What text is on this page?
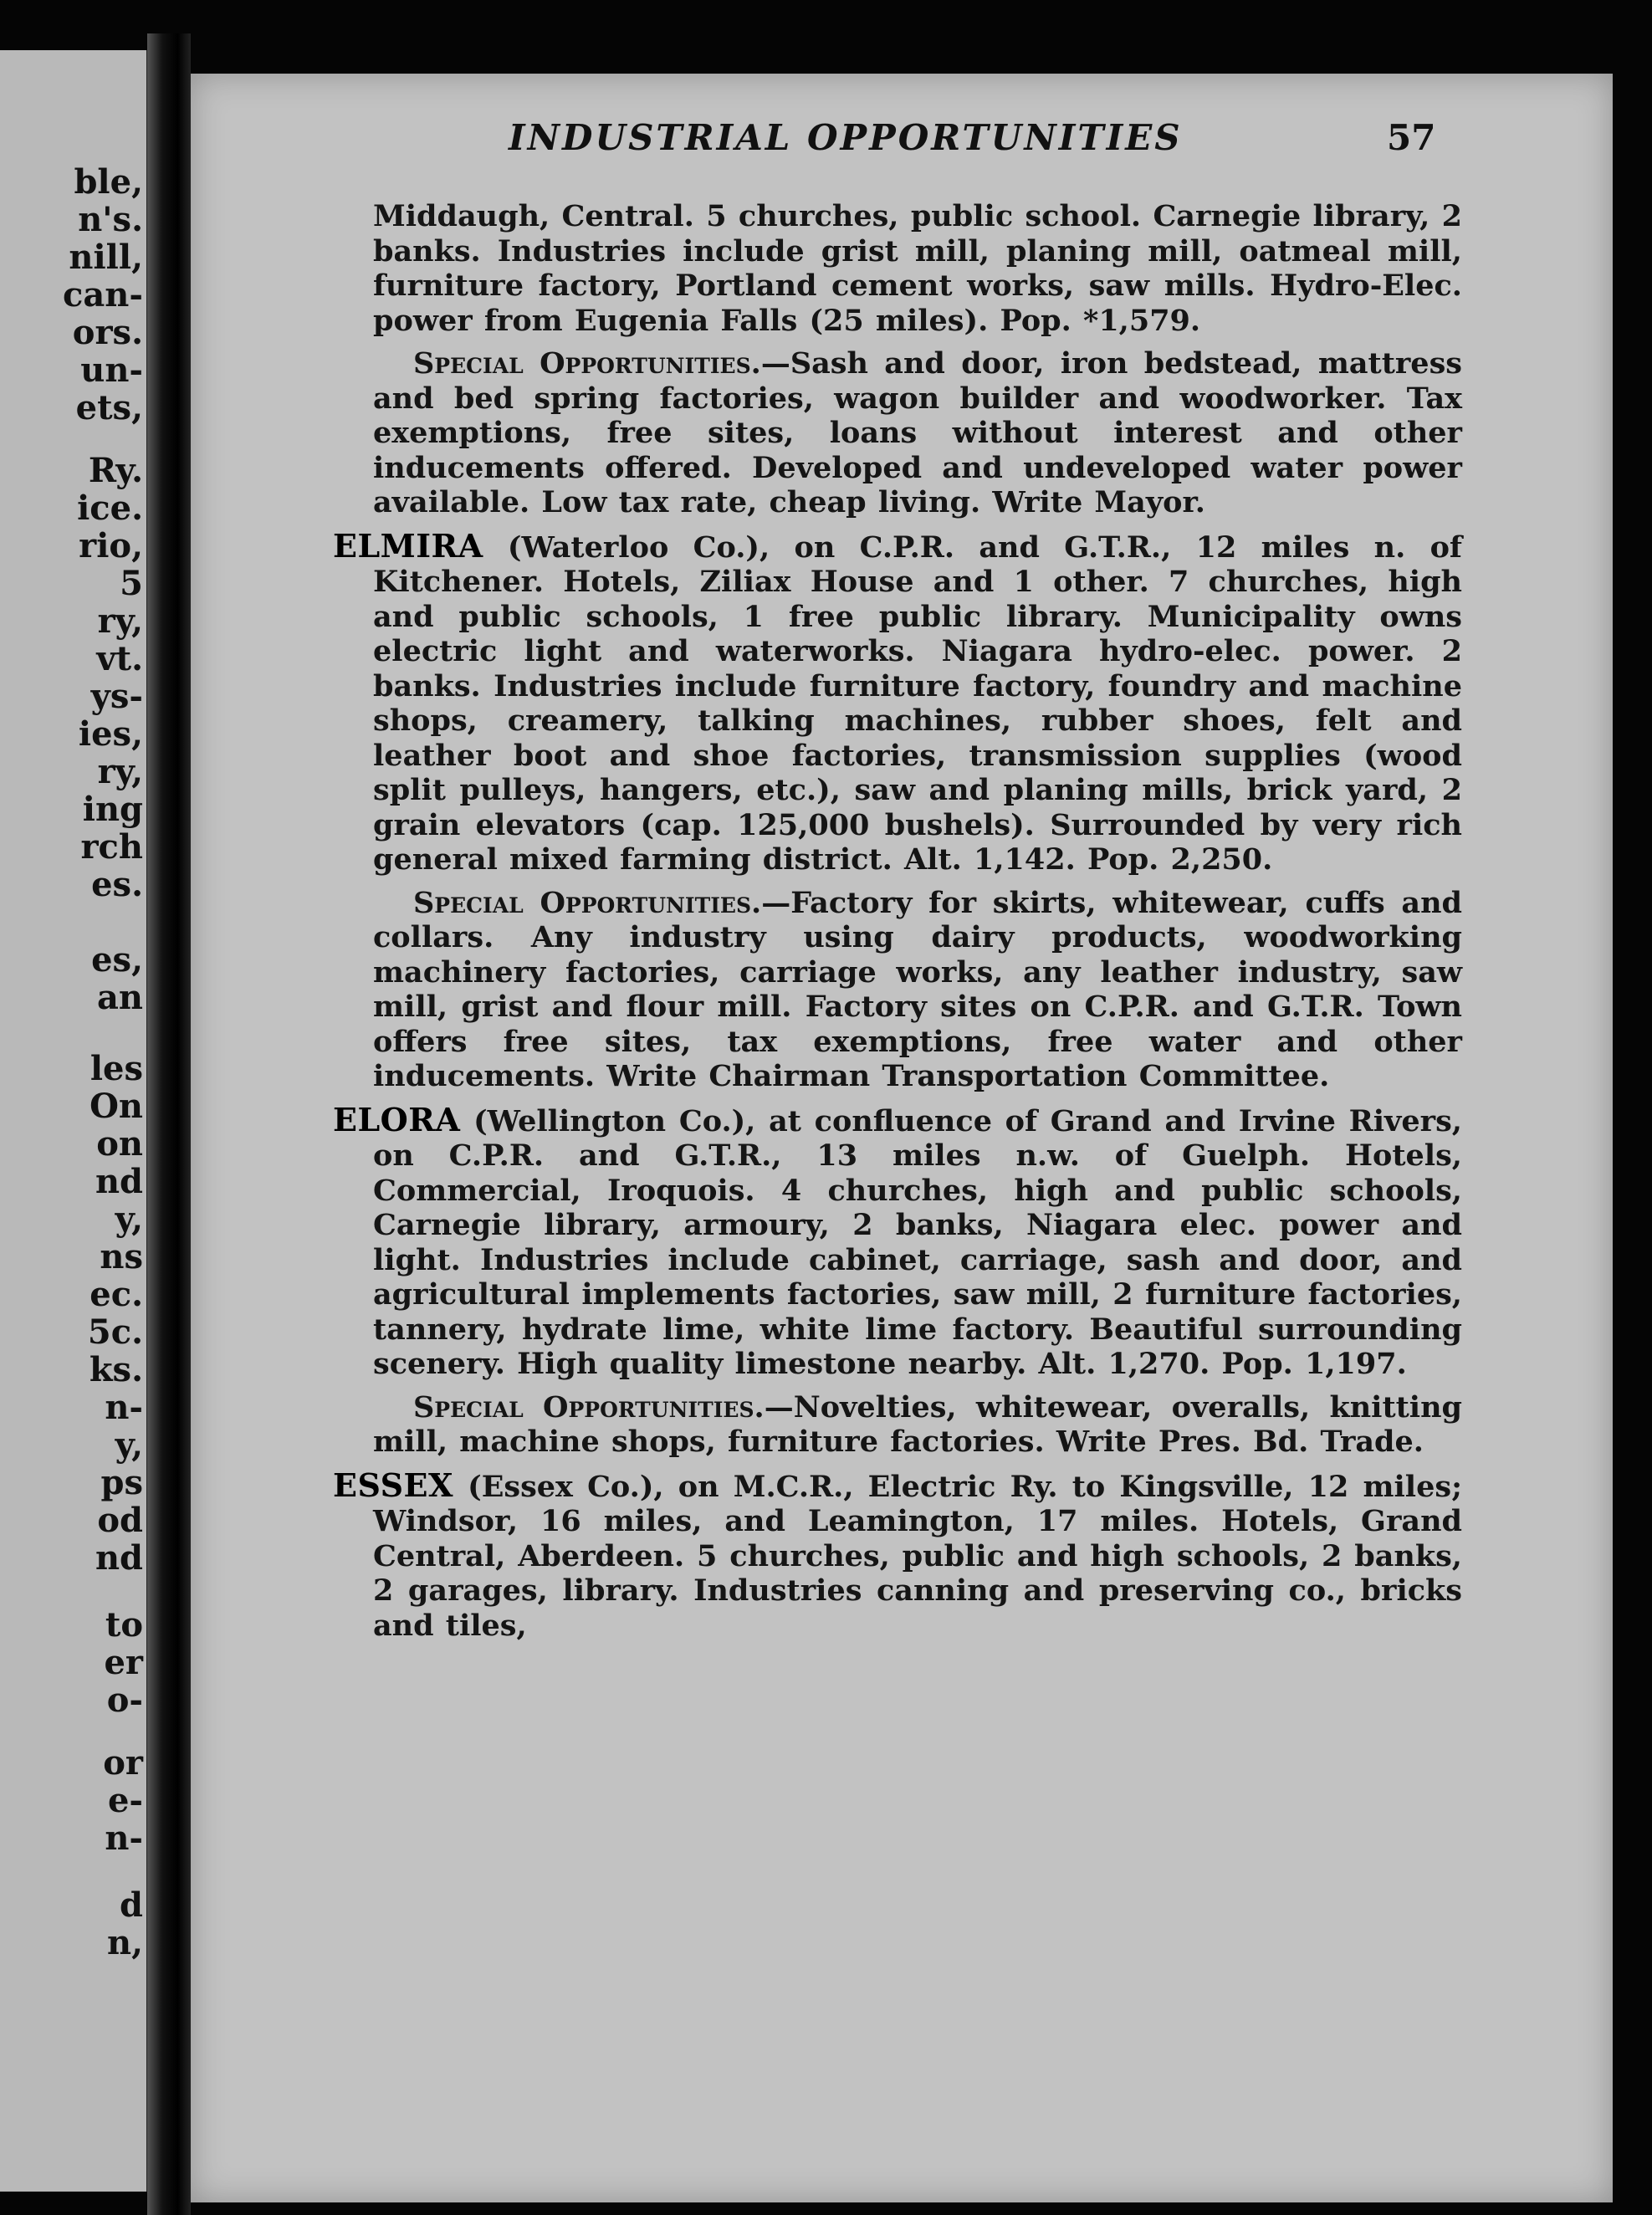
ble,
n's.
nill,
can-
ors.
un-
ets,
Ry.
ice.
rio,
5
ry,
vt.
ys-
ies,
ry,
ing
rch
es.
es,
an
les
On
on
nd
y,
ns
ec.
5c.
ks.
n-
y,
ps
od
nd
to
er
o-
or
e-
n-
d
n,
INDUSTRIAL OPPORTUNITIES	57

Middaugh, Central. 5 churches, public school. Carnegie library, 2 banks. Industries include grist mill, planing mill, oatmeal mill, furniture factory, Portland cement works, saw mills. Hydro-Elec. power from Eugenia Falls (25 miles). Pop. *1,579.

Special Opportunities.—Sash and door, iron bedstead, mattress and bed spring factories, wagon builder and woodworker. Tax exemptions, free sites, loans without interest and other inducements offered. Developed and undeveloped water power available. Low tax rate, cheap living. Write Mayor.

ELMIRA (Waterloo Co.), on C.P.R. and G.T.R., 12 miles n. of Kitchener. Hotels, Ziliax House and 1 other. 7 churches, high and public schools, 1 free public library. Municipality owns electric light and waterworks. Niagara hydro-elec. power. 2 banks. Industries include furniture factory, foundry and machine shops, creamery, talking machines, rubber shoes, felt and leather boot and shoe factories, transmission supplies (wood split pulleys, hangers, etc.), saw and planing mills, brick yard, 2 grain elevators (cap. 125,000 bushels). Surrounded by very rich general mixed farming district. Alt. 1,142. Pop. 2,250.

Special Opportunities.—Factory for skirts, whitewear, cuffs and collars. Any industry using dairy products, woodworking machinery factories, carriage works, any leather industry, saw mill, grist and flour mill. Factory sites on C.P.R. and G.T.R. Town offers free sites, tax exemptions, free water and other inducements. Write Chairman Transportation Committee.

ELORA (Wellington Co.), at confluence of Grand and Irvine Rivers, on C.P.R. and G.T.R., 13 miles n.w. of Guelph. Hotels, Commercial, Iroquois. 4 churches, high and public schools, Carnegie library, armoury, 2 banks, Niagara elec. power and light. Industries include cabinet, carriage, sash and door, and agricultural implements factories, saw mill, 2 furniture factories, tannery, hydrate lime, white lime factory. Beautiful surrounding scenery. High quality limestone nearby. Alt. 1,270. Pop. 1,197.

Special Opportunities.—Novelties, whitewear, overalls, knitting mill, machine shops, furniture factories. Write Pres. Bd. Trade.

ESSEX (Essex Co.), on M.C.R., Electric Ry. to Kingsville, 12 miles; Windsor, 16 miles, and Leamington, 17 miles. Hotels, Grand Central, Aberdeen. 5 churches, public and high schools, 2 banks, 2 garages, library. Industries canning and preserving co., bricks and tiles,
